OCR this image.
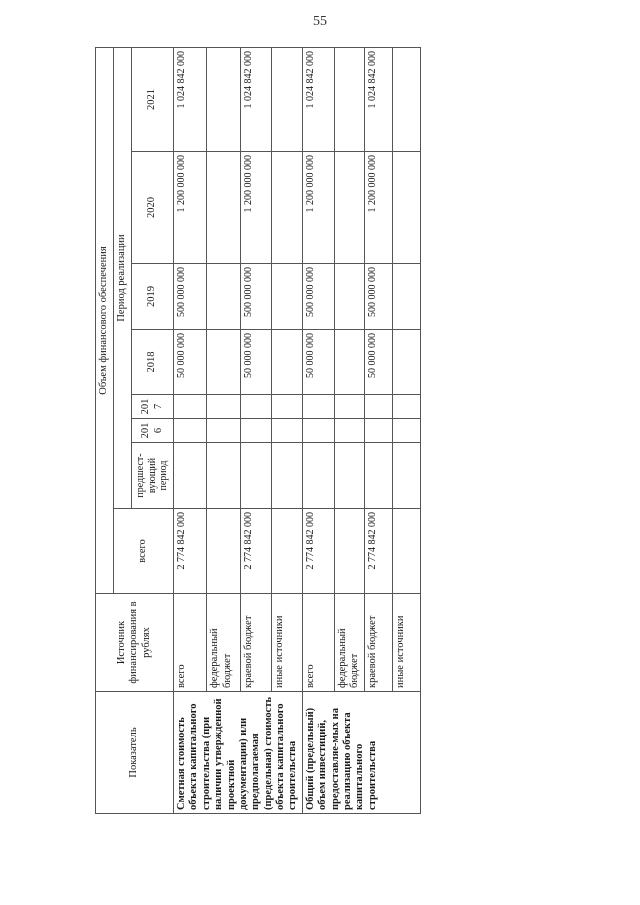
55
Показатель	Источник финансирования в рублях	Объем финансового обеспечения							
		всего	Период реализации						
			предшест-вующий период	2016	2017	2018	2019	2020	2021
Сметная стоимость объекта капитального строительства (при наличии утвержденной проектной документации) или предполагаемая (предельная) стоимость объекта капитального строительства	всего	2 774 842 000				50 000 000	500 000 000	1 200 000 000	1 024 842 000
	федеральный бюджет								
	краевой бюджет	2 774 842 000				50 000 000	500 000 000	1 200 000 000	1 024 842 000
	иные источники								
Общий (предельный) объем инвестиций, предоставляе-мых на реализацию объекта капитального строительства	всего	2 774 842 000				50 000 000	500 000 000	1 200 000 000	1 024 842 000
	федеральный бюджет								
	краевой бюджет	2 774 842 000				50 000 000	500 000 000	1 200 000 000	1 024 842 000
	иные источники								
